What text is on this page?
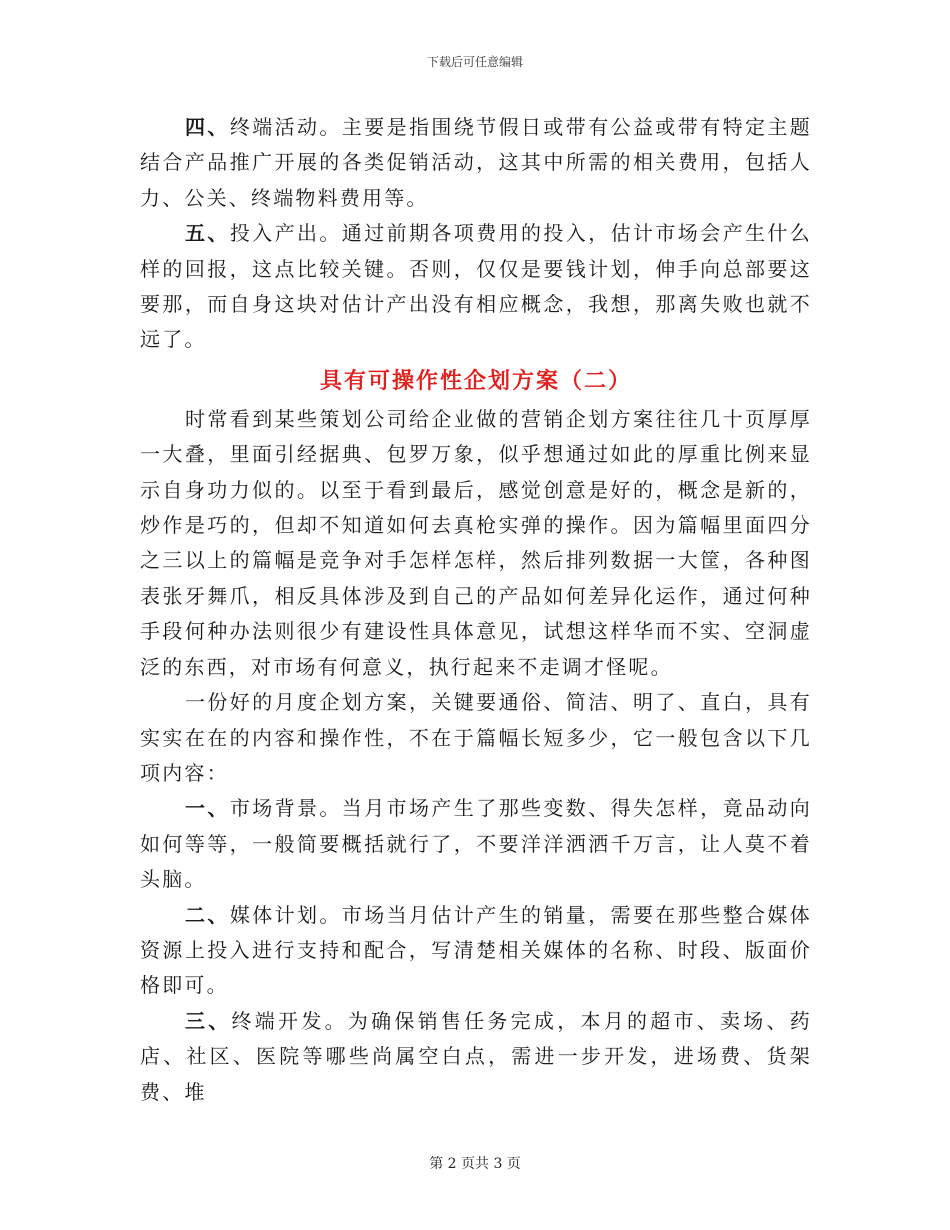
下载后可任意编辑

四、终端活动。主要是指围绕节假日或带有公益或带有特定主题结合产品推广开展的各类促销活动，这其中所需的相关费用，包括人力、公关、终端物料费用等。

五、投入产出。通过前期各项费用的投入，估计市场会产生什么样的回报，这点比较关键。否则，仅仅是要钱计划，伸手向总部要这要那，而自身这块对估计产出没有相应概念，我想，那离失败也就不远了。

具有可操作性企划方案（二）

时常看到某些策划公司给企业做的营销企划方案往往几十页厚厚一大叠，里面引经据典、包罗万象，似乎想通过如此的厚重比例来显示自身功力似的。以至于看到最后，感觉创意是好的，概念是新的，炒作是巧的，但却不知道如何去真枪实弹的操作。因为篇幅里面四分之三以上的篇幅是竞争对手怎样怎样，然后排列数据一大筐，各种图表张牙舞爪，相反具体涉及到自己的产品如何差异化运作，通过何种手段何种办法则很少有建设性具体意见，试想这样华而不实、空洞虚泛的东西，对市场有何意义，执行起来不走调才怪呢。

一份好的月度企划方案，关键要通俗、简洁、明了、直白，具有实实在在的内容和操作性，不在于篇幅长短多少，它一般包含以下几项内容：

一、市场背景。当月市场产生了那些变数、得失怎样，竟品动向如何等等，一般简要概括就行了，不要洋洋洒洒千万言，让人莫不着头脑。

二、媒体计划。市场当月估计产生的销量，需要在那些整合媒体资源上投入进行支持和配合，写清楚相关媒体的名称、时段、版面价格即可。

三、终端开发。为确保销售任务完成，本月的超市、卖场、药店、社区、医院等哪些尚属空白点，需进一步开发，进场费、货架费、堆

第 2 页共 3 页
